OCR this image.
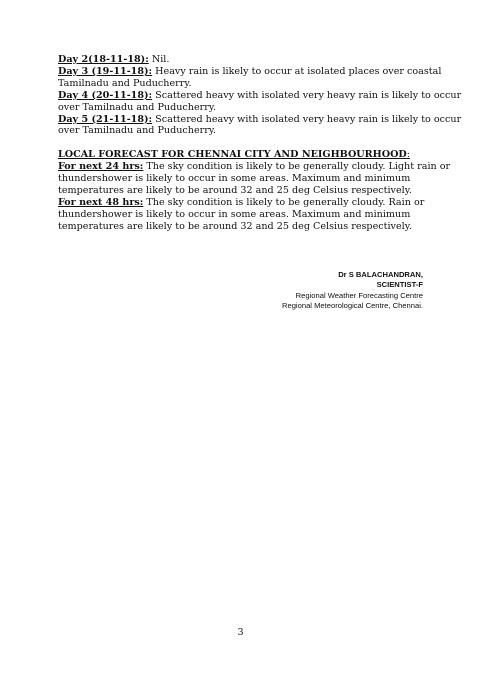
Day 2(18-11-18): Nil.

Day 3 (19-11-18): Heavy rain is likely to occur at isolated places over coastal Tamilnadu and Puducherry.

Day 4 (20-11-18): Scattered heavy with isolated very heavy rain is likely to occur over Tamilnadu and Puducherry.

Day 5 (21-11-18): Scattered heavy with isolated very heavy rain is likely to occur over Tamilnadu and Puducherry.

LOCAL FORECAST FOR CHENNAI CITY AND NEIGHBOURHOOD:

For next 24 hrs: The sky condition is likely to be generally cloudy. Light rain or thundershower is likely to occur in some areas. Maximum and minimum temperatures are likely to be around 32 and 25 deg Celsius respectively.

For next 48 hrs: The sky condition is likely to be generally cloudy. Rain or thundershower is likely to occur in some areas. Maximum and minimum temperatures are likely to be around 32 and 25 deg Celsius respectively.

Dr S BALACHANDRAN,
SCIENTIST-F
Regional Weather Forecasting Centre
Regional Meteorological Centre, Chennai.
3
